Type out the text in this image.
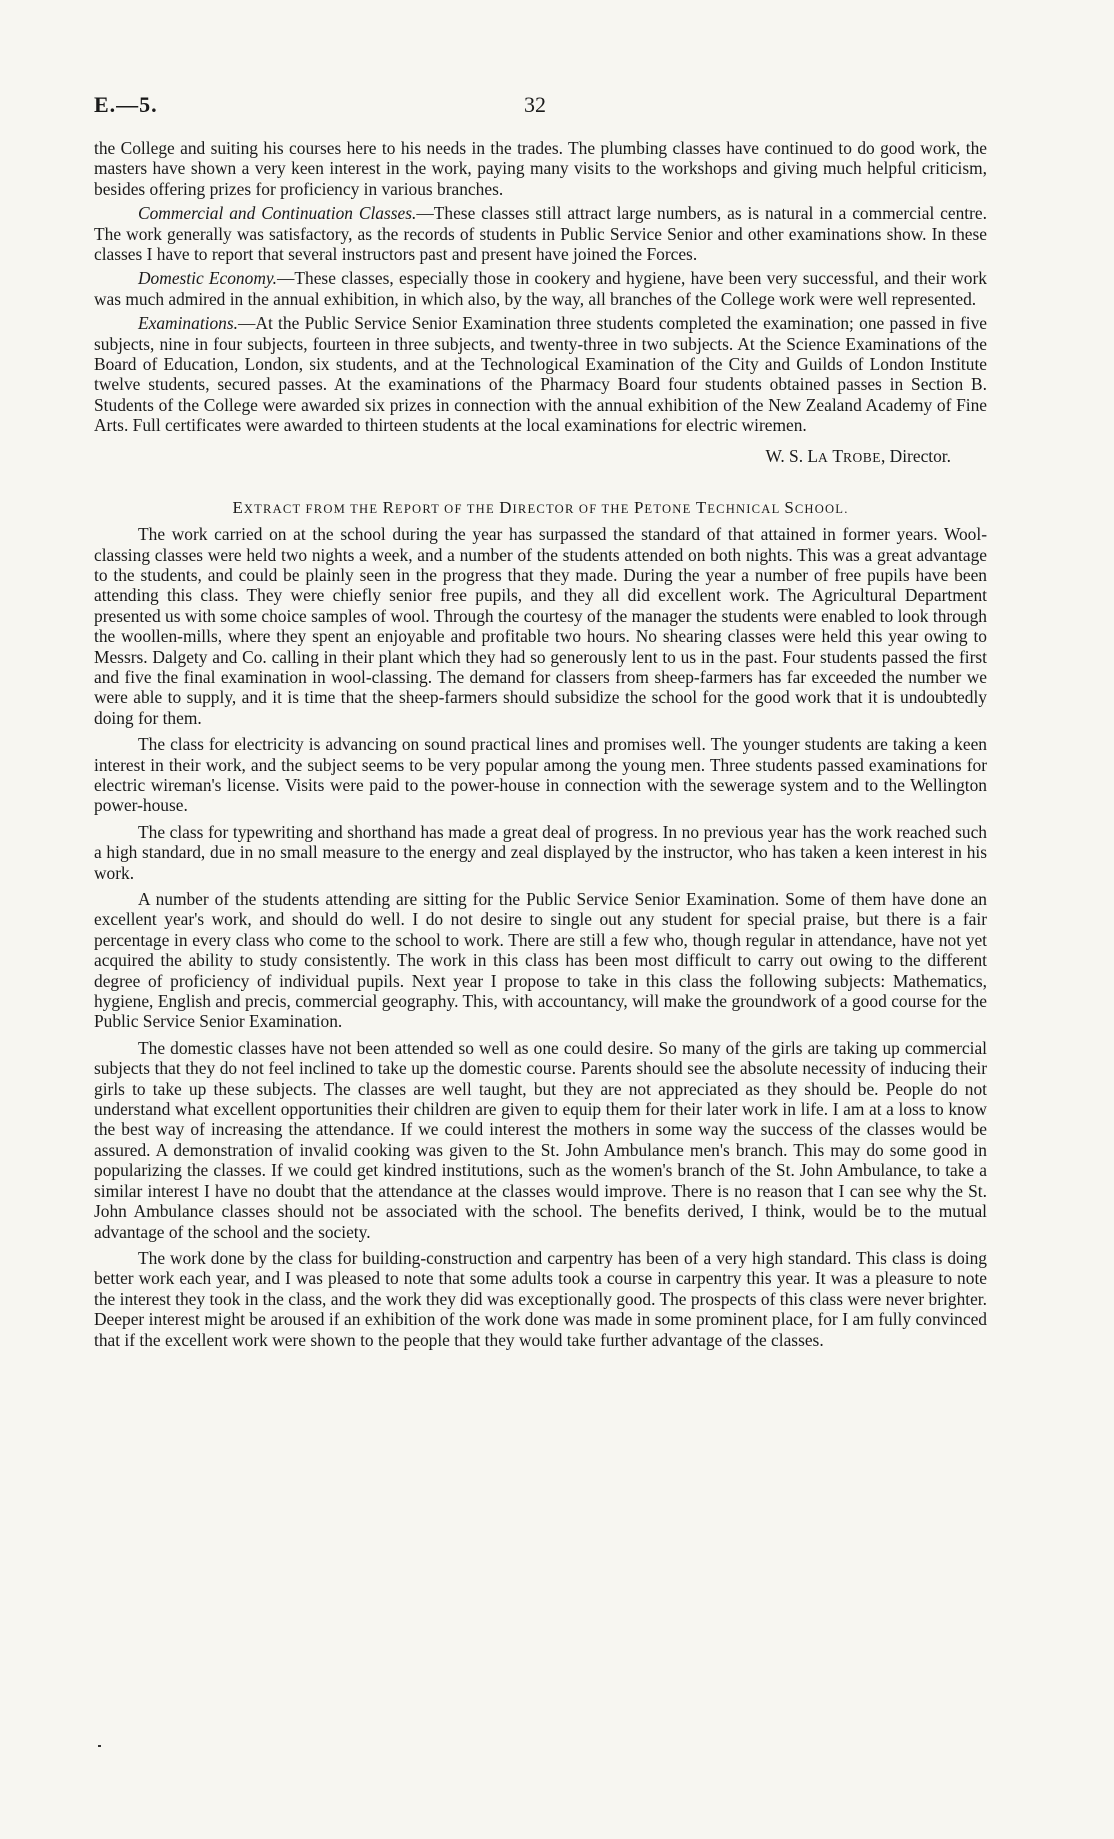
E.—5.	32

the College and suiting his courses here to his needs in the trades. The plumbing classes have continued to do good work, the masters have shown a very keen interest in the work, paying many visits to the workshops and giving much helpful criticism, besides offering prizes for proficiency in various branches.

Commercial and Continuation Classes.—These classes still attract large numbers, as is natural in a commercial centre. The work generally was satisfactory, as the records of students in Public Service Senior and other examinations show. In these classes I have to report that several instructors past and present have joined the Forces.

Domestic Economy.—These classes, especially those in cookery and hygiene, have been very successful, and their work was much admired in the annual exhibition, in which also, by the way, all branches of the College work were well represented.

Examinations.—At the Public Service Senior Examination three students completed the examination; one passed in five subjects, nine in four subjects, fourteen in three subjects, and twenty-three in two subjects. At the Science Examinations of the Board of Education, London, six students, and at the Technological Examination of the City and Guilds of London Institute twelve students, secured passes. At the examinations of the Pharmacy Board four students obtained passes in Section B. Students of the College were awarded six prizes in connection with the annual exhibition of the New Zealand Academy of Fine Arts. Full certificates were awarded to thirteen students at the local examinations for electric wiremen.

W. S. LA TROBE, Director.
EXTRACT FROM THE REPORT OF THE DIRECTOR OF THE PETONE TECHNICAL SCHOOL.

The work carried on at the school during the year has surpassed the standard of that attained in former years. Wool-classing classes were held two nights a week, and a number of the students attended on both nights. This was a great advantage to the students, and could be plainly seen in the progress that they made. During the year a number of free pupils have been attending this class. They were chiefly senior free pupils, and they all did excellent work. The Agricultural Department presented us with some choice samples of wool. Through the courtesy of the manager the students were enabled to look through the woollen-mills, where they spent an enjoyable and profitable two hours. No shearing classes were held this year owing to Messrs. Dalgety and Co. calling in their plant which they had so generously lent to us in the past. Four students passed the first and five the final examination in wool-classing. The demand for classers from sheep-farmers has far exceeded the number we were able to supply, and it is time that the sheep-farmers should subsidize the school for the good work that it is undoubtedly doing for them.

The class for electricity is advancing on sound practical lines and promises well. The younger students are taking a keen interest in their work, and the subject seems to be very popular among the young men. Three students passed examinations for electric wireman's license. Visits were paid to the power-house in connection with the sewerage system and to the Wellington power-house.

The class for typewriting and shorthand has made a great deal of progress. In no previous year has the work reached such a high standard, due in no small measure to the energy and zeal displayed by the instructor, who has taken a keen interest in his work.

A number of the students attending are sitting for the Public Service Senior Examination. Some of them have done an excellent year's work, and should do well. I do not desire to single out any student for special praise, but there is a fair percentage in every class who come to the school to work. There are still a few who, though regular in attendance, have not yet acquired the ability to study consistently. The work in this class has been most difficult to carry out owing to the different degree of proficiency of individual pupils. Next year I propose to take in this class the following subjects: Mathematics, hygiene, English and precis, commercial geography. This, with accountancy, will make the groundwork of a good course for the Public Service Senior Examination.

The domestic classes have not been attended so well as one could desire. So many of the girls are taking up commercial subjects that they do not feel inclined to take up the domestic course. Parents should see the absolute necessity of inducing their girls to take up these subjects. The classes are well taught, but they are not appreciated as they should be. People do not understand what excellent opportunities their children are given to equip them for their later work in life. I am at a loss to know the best way of increasing the attendance. If we could interest the mothers in some way the success of the classes would be assured. A demonstration of invalid cooking was given to the St. John Ambulance men's branch. This may do some good in popularizing the classes. If we could get kindred institutions, such as the women's branch of the St. John Ambulance, to take a similar interest I have no doubt that the attendance at the classes would improve. There is no reason that I can see why the St. John Ambulance classes should not be associated with the school. The benefits derived, I think, would be to the mutual advantage of the school and the society.

The work done by the class for building-construction and carpentry has been of a very high standard. This class is doing better work each year, and I was pleased to note that some adults took a course in carpentry this year. It was a pleasure to note the interest they took in the class, and the work they did was exceptionally good. The prospects of this class were never brighter. Deeper interest might be aroused if an exhibition of the work done was made in some prominent place, for I am fully convinced that if the excellent work were shown to the people that they would take further advantage of the classes.
